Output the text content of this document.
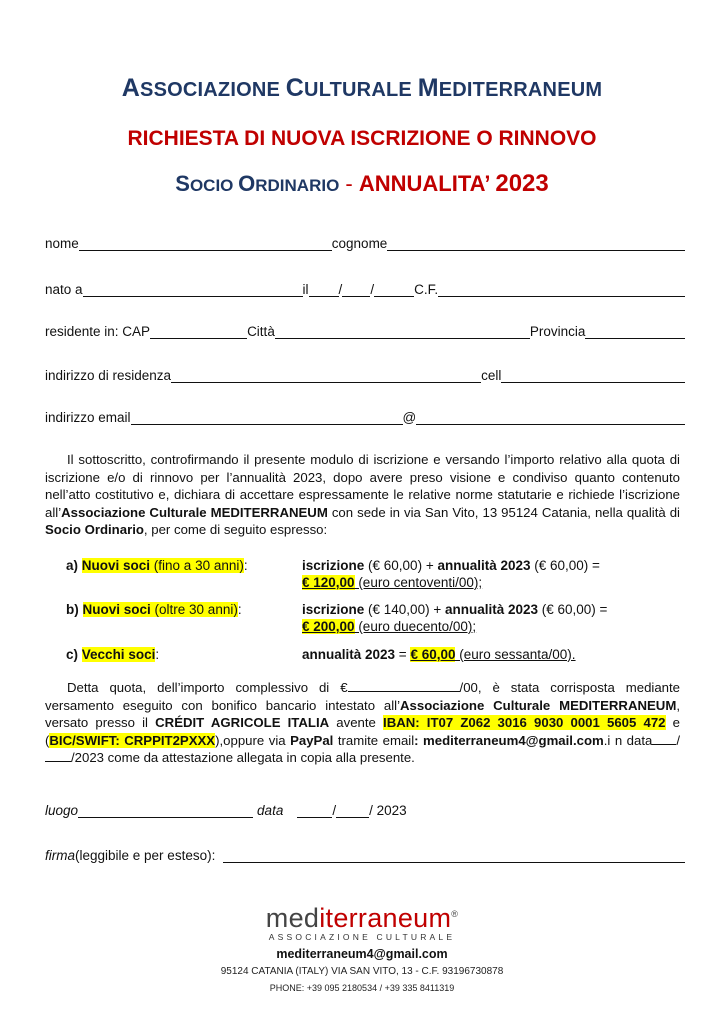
ASSOCIAZIONE CULTURALE MEDITERRANEUM
RICHIESTA DI NUOVA ISCRIZIONE O RINNOVO
SOCIO ORDINARIO - ANNUALITA’ 2023
nome	cognome
nato a	il / /	C.F.
residente in: CAP	Città	Provincia
indirizzo di residenza	cell
indirizzo email	@
Il sottoscritto, controfirmando il presente modulo di iscrizione e versando l’importo relativo alla quota di iscrizione e/o di rinnovo per l’annualità 2023, dopo avere preso visione e condiviso quanto contenuto nell’atto costitutivo e, dichiara di accettare espressamente le relative norme statutarie e richiede l’iscrizione all’Associazione Culturale MEDITERRANEUM con sede in via San Vito, 13 95124 Catania, nella qualità di Socio Ordinario, per come di seguito espresso:
a) Nuovi soci (fino a 30 anni):	iscrizione (€ 60,00) + annualità 2023 (€ 60,00) =
€ 120,00 (euro centoventi/00);
b) Nuovi soci (oltre 30 anni):	iscrizione (€ 140,00) + annualità 2023 (€ 60,00) =
€ 200,00 (euro duecento/00);
c) Vecchi soci:	annualità 2023 = € 60,00 (euro sessanta/00).
Detta quota, dell’importo complessivo di €	/00, è stata corrisposta mediante versamento eseguito con bonifico bancario intestato all’Associazione Culturale MEDITERRANEUM, versato presso il CRÉDIT AGRICOLE ITALIA avente IBAN: IT07 Z062 3016 9030 0001 5605 472 e (BIC/SWIFT: CRPPIT2PXXX),oppure via PayPal tramite email: mediterraneum4@gmail.com.i n data //2023 come da attestazione allegata in copia alla presente.
luogo	data	/ / 2023
firma (leggibile e per esteso):
mediterraneum®
ASSOCIAZIONE CULTURALE
mediterraneum4@gmail.com
95124 CATANIA (ITALY) VIA SAN VITO, 13 - C.F. 93196730878
PHONE: +39 095 2180534 / +39 335 8411319
